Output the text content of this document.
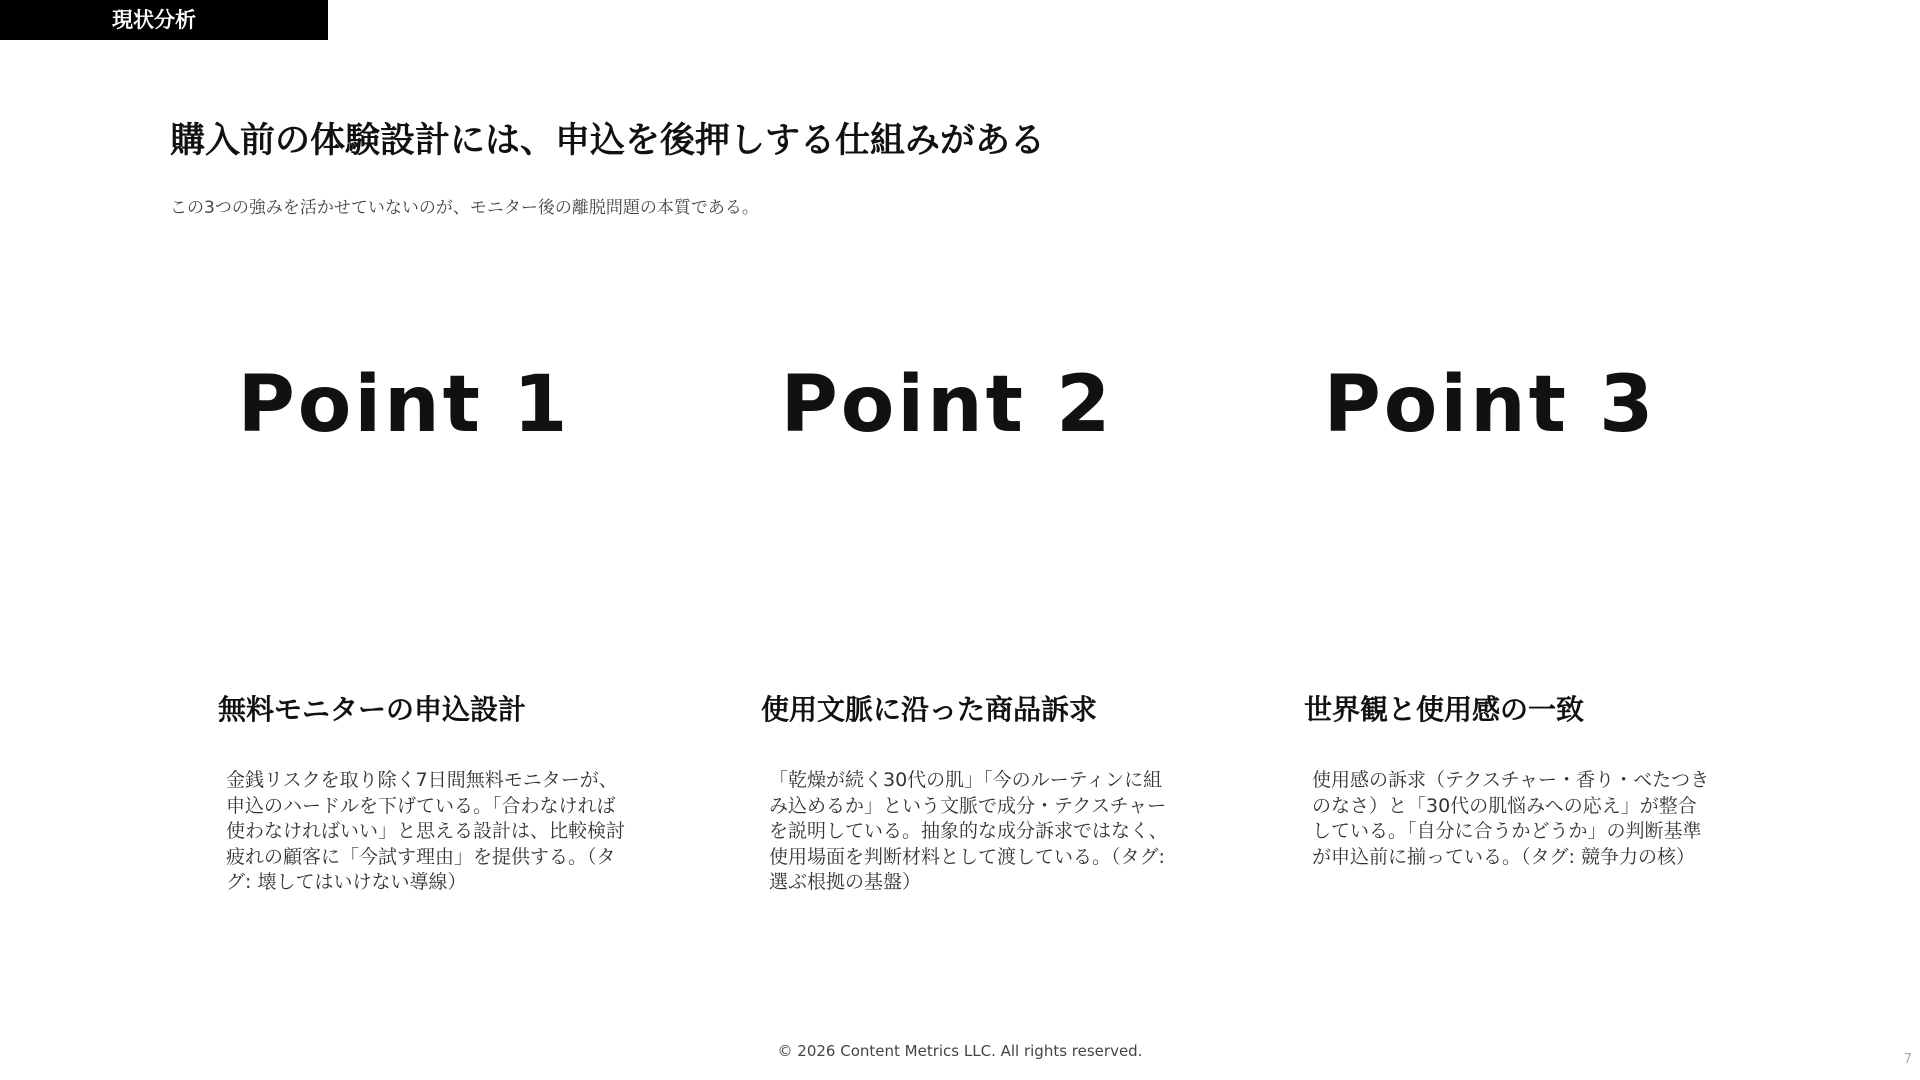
現状分析
購入前の体験設計には、申込を後押しする仕組みがある

この3つの強みを活かせていないのが、モニター後の離脱問題の本質である。

Point 1
無料モニターの申込設計
金銭リスクを取り除く7日間無料モニターが、申込のハードルを下げている。「合わなければ使わなければいい」と思える設計は、比較検討疲れの顧客に「今試す理由」を提供する。（タグ: 壊してはいけない導線）
Point 2
使用文脈に沿った商品訴求
「乾燥が続く30代の肌」「今のルーティンに組み込めるか」という文脈で成分・テクスチャーを説明している。抽象的な成分訴求ではなく、使用場面を判断材料として渡している。（タグ: 選ぶ根拠の基盤）
Point 3
世界観と使用感の一致
使用感の訴求（テクスチャー・香り・べたつきのなさ）と「30代の肌悩みへの応え」が整合している。「自分に合うかどうか」の判断基準が申込前に揃っている。（タグ: 競争力の核）
© 2026 Content Metrics LLC. All rights reserved.	7
